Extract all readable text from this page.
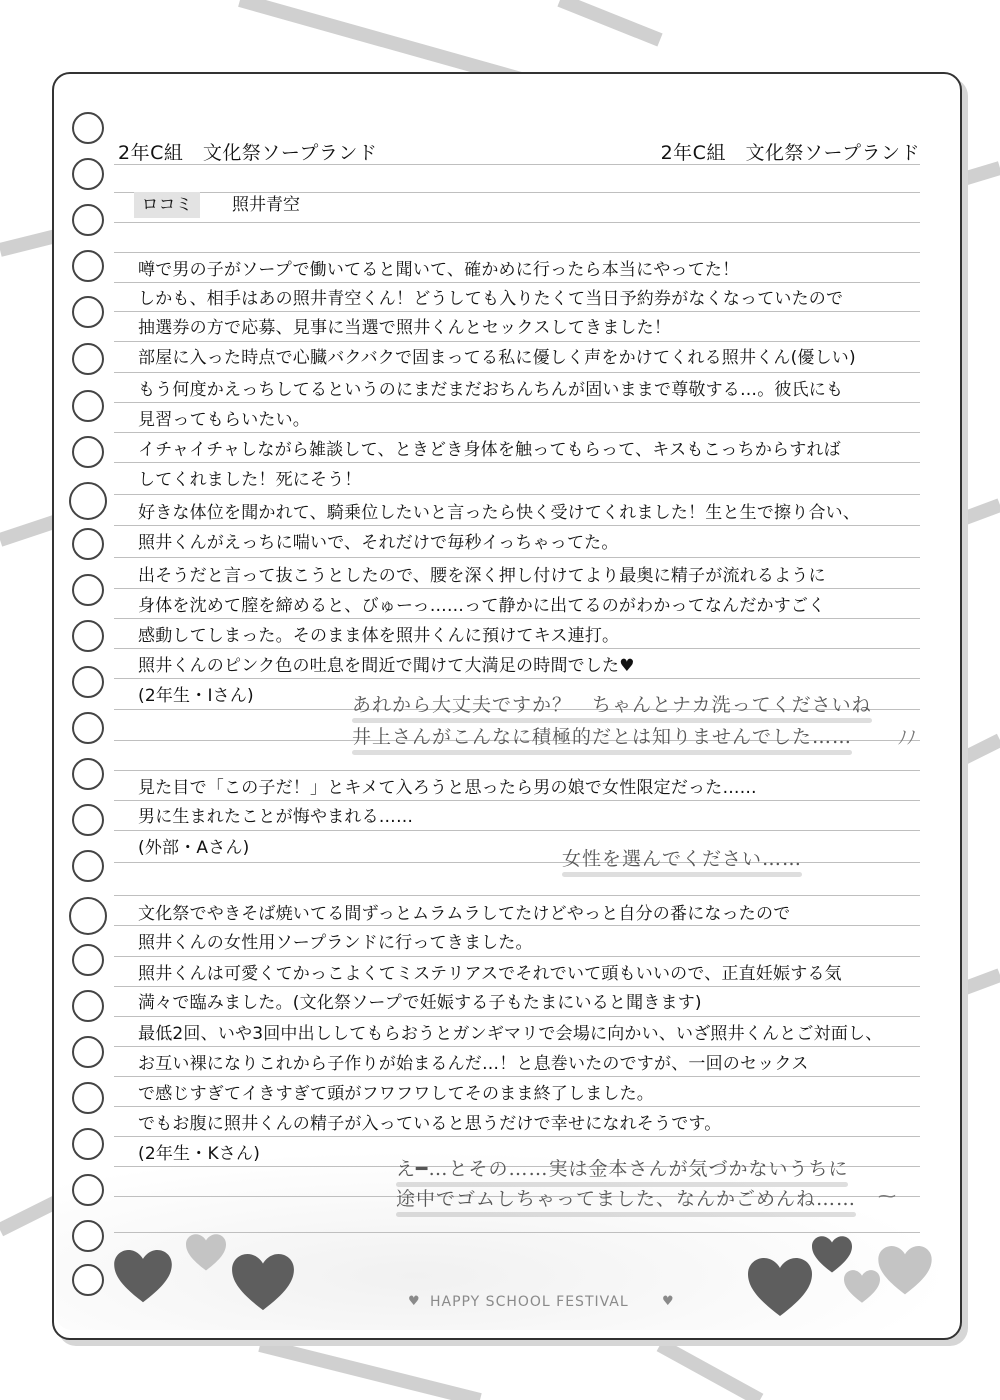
2年C組　文化祭ソープランド	2年C組　文化祭ソープランド
ロコミ	照井青空
噂で男の子がソープで働いてると聞いて、確かめに行ったら本当にやってた！
しかも、相手はあの照井青空くん！どうしても入りたくて当日予約券がなくなっていたので
抽選券の方で応募、見事に当選で照井くんとセックスしてきました！
部屋に入った時点で心臓バクバクで固まってる私に優しく声をかけてくれる照井くん(優しい)
もう何度かえっちしてるというのにまだまだおちんちんが固いままで尊敬する…。彼氏にも
見習ってもらいたい。
イチャイチャしながら雑談して、ときどき身体を触ってもらって、キスもこっちからすれば
してくれました！死にそう！
好きな体位を聞かれて、騎乗位したいと言ったら快く受けてくれました！生と生で擦り合い、
照井くんがえっちに喘いで、それだけで毎秒イっちゃってた。
出そうだと言って抜こうとしたので、腰を深く押し付けてより最奥に精子が流れるように
身体を沈めて膣を締めると、びゅーっ……って静かに出てるのがわかってなんだかすごく
感動してしまった。そのまま体を照井くんに預けてキス連打。
照井くんのピンク色の吐息を間近で聞けて大満足の時間でした♥
(2年生・Iさん)	あれから大丈夫ですか？　ちゃんとナカ洗ってくださいね
井上さんがこんなに積極的だとは知りませんでした……	ﾉﾉ
見た目で「この子だ！」とキメて入ろうと思ったら男の娘で女性限定だった……
男に生まれたことが悔やまれる……
(外部・Aさん)	女性を選んでください……
文化祭でやきそば焼いてる間ずっとムラムラしてたけどやっと自分の番になったので
照井くんの女性用ソープランドに行ってきました。
照井くんは可愛くてかっこよくてミステリアスでそれでいて頭もいいので、正直妊娠する気
満々で臨みました。(文化祭ソープで妊娠する子もたまにいると聞きます)
最低2回、いや3回中出ししてもらおうとガンギマリで会場に向かい、いざ照井くんとご対面し、
お互い裸になりこれから子作りが始まるんだ…！と息巻いたのですが、一回のセックス
で感じすぎてイきすぎて頭がフワフワしてそのまま終了しました。
でもお腹に照井くんの精子が入っていると思うだけで幸せになれそうです。
(2年生・Kさん)
え━…とその……実は金本さんが気づかないうちに
途中でゴムしちゃってました、なんかごめんね…… ⁓
♥ HAPPY SCHOOL FESTIVAL	♥
